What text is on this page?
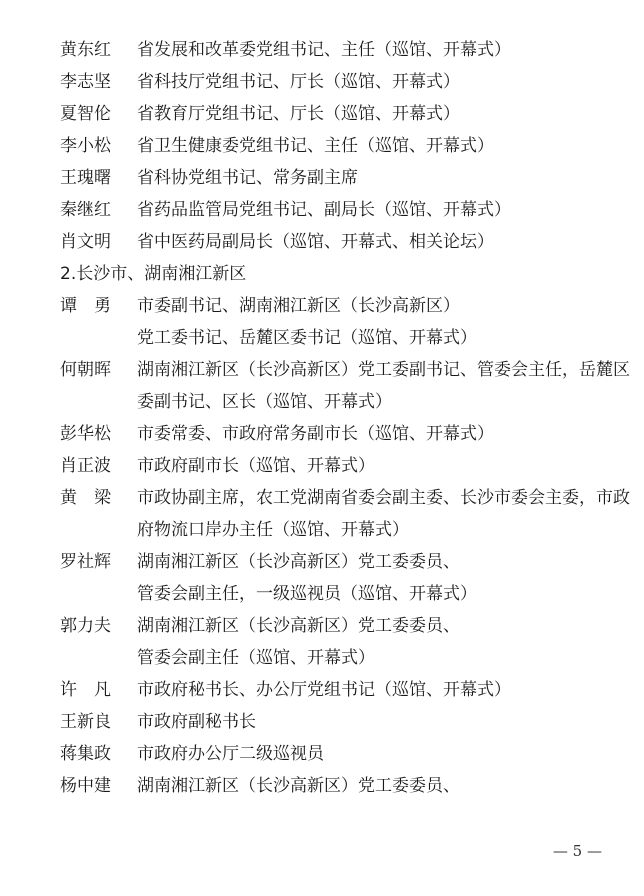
黄东红	省发展和改革委党组书记、主任（巡馆、开幕式）
李志坚	省科技厅党组书记、厅长（巡馆、开幕式）
夏智伦	省教育厅党组书记、厅长（巡馆、开幕式）
李小松	省卫生健康委党组书记、主任（巡馆、开幕式）
王瑰曙	省科协党组书记、常务副主席
秦继红	省药品监管局党组书记、副局长（巡馆、开幕式）
肖文明	省中医药局副局长（巡馆、开幕式、相关论坛）
2.长沙市、湖南湘江新区
谭　勇	市委副书记、湖南湘江新区（长沙高新区）
党工委书记、岳麓区委书记（巡馆、开幕式）
何朝晖	湖南湘江新区（长沙高新区）党工委副书记、管委会主任，岳麓区
委副书记、区长（巡馆、开幕式）
彭华松	市委常委、市政府常务副市长（巡馆、开幕式）
肖正波	市政府副市长（巡馆、开幕式）
黄　梁	市政协副主席，农工党湖南省委会副主委、长沙市委会主委，市政
府物流口岸办主任（巡馆、开幕式）
罗社辉	湖南湘江新区（长沙高新区）党工委委员、
管委会副主任，一级巡视员（巡馆、开幕式）
郭力夫	湖南湘江新区（长沙高新区）党工委委员、
管委会副主任（巡馆、开幕式）
许　凡	市政府秘书长、办公厅党组书记（巡馆、开幕式）
王新良	市政府副秘书长
蒋集政	市政府办公厅二级巡视员
杨中建	湖南湘江新区（长沙高新区）党工委委员、
— 5 —
